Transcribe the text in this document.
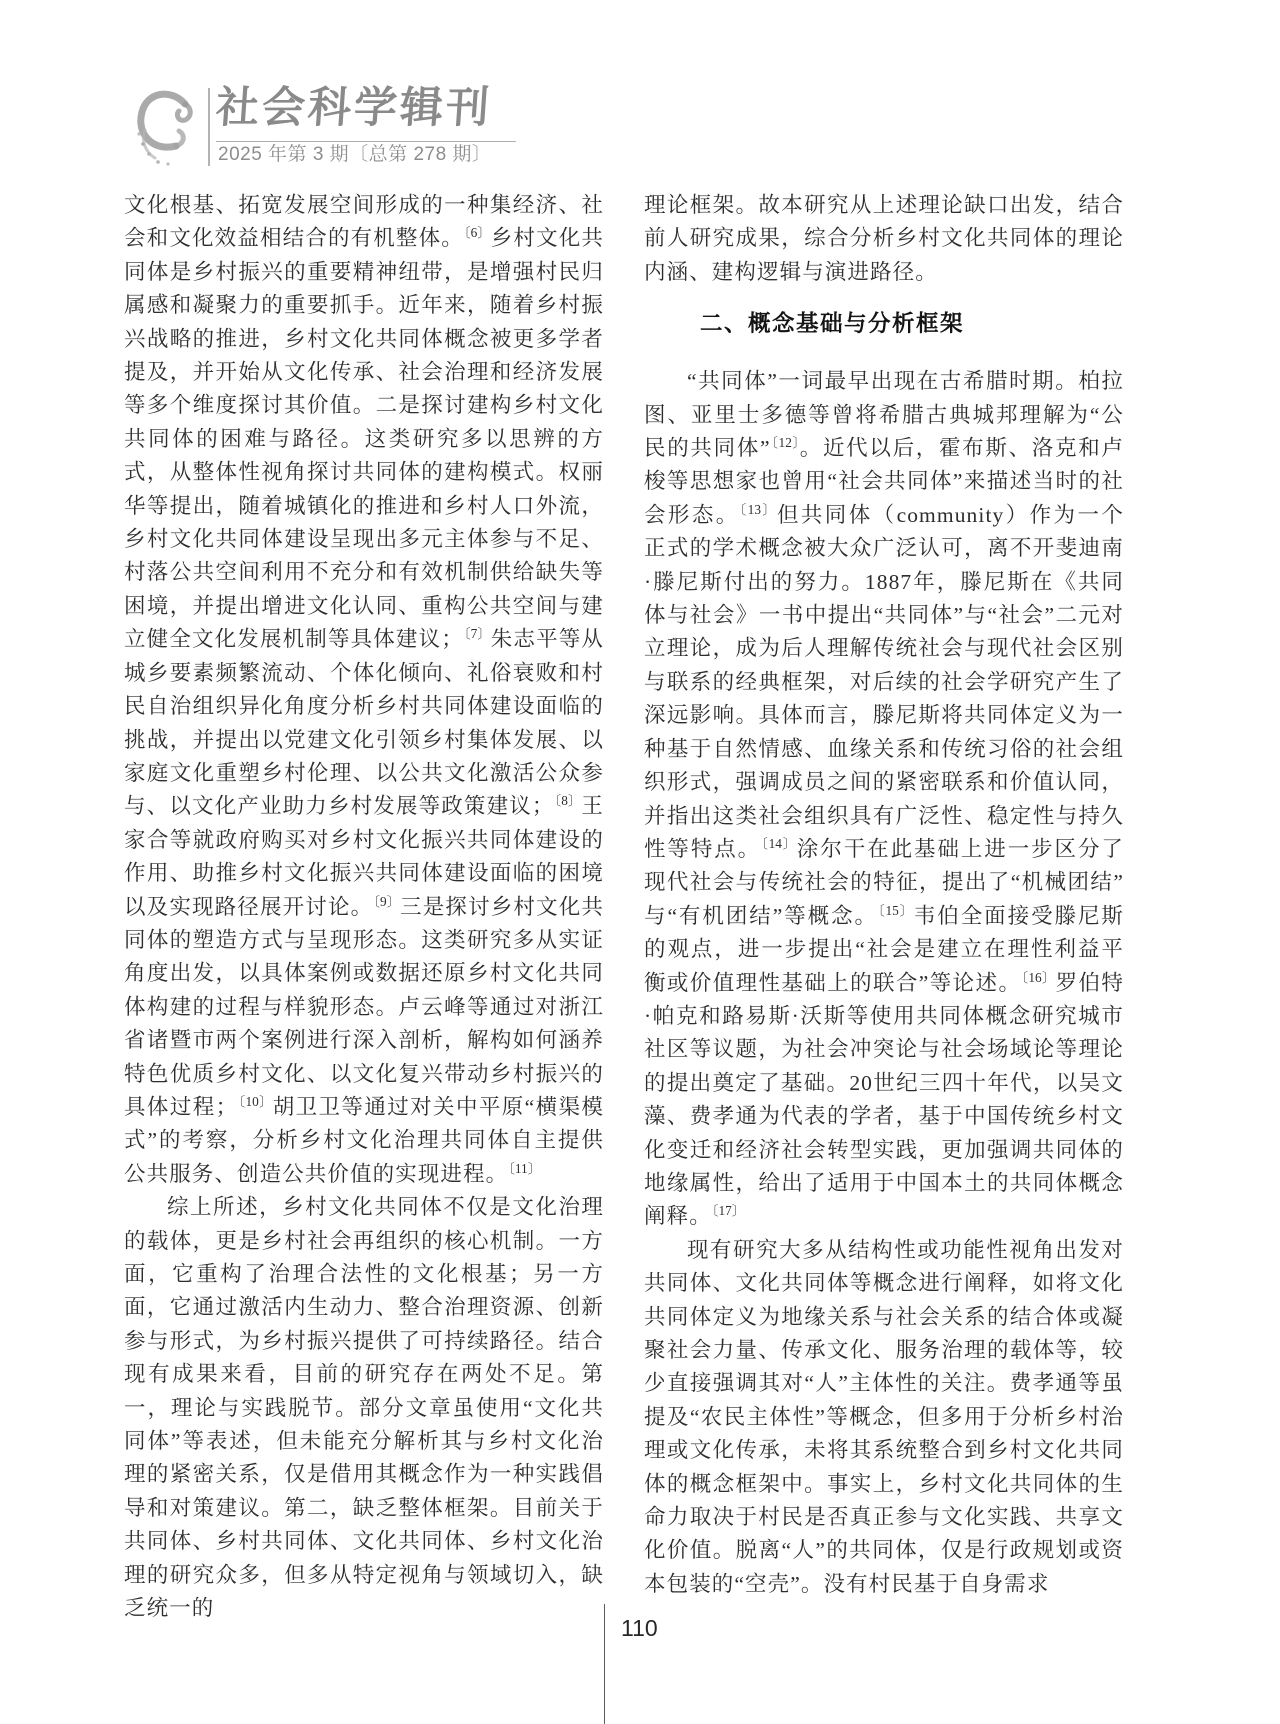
社会科学辑刊
2025 年第 3 期〔总第 278 期〕

文化根基、拓宽发展空间形成的一种集经济、社会和文化效益相结合的有机整体。$^{〔6〕}$乡村文化共同体是乡村振兴的重要精神纽带，是增强村民归属感和凝聚力的重要抓手。近年来，随着乡村振兴战略的推进，乡村文化共同体概念被更多学者提及，并开始从文化传承、社会治理和经济发展等多个维度探讨其价值。二是探讨建构乡村文化共同体的困难与路径。这类研究多以思辨的方式，从整体性视角探讨共同体的建构模式。权丽华等提出，随着城镇化的推进和乡村人口外流，乡村文化共同体建设呈现出多元主体参与不足、村落公共空间利用不充分和有效机制供给缺失等困境，并提出增进文化认同、重构公共空间与建立健全文化发展机制等具体建议；$^{〔7〕}$朱志平等从城乡要素频繁流动、个体化倾向、礼俗衰败和村民自治组织异化角度分析乡村共同体建设面临的挑战，并提出以党建文化引领乡村集体发展、以家庭文化重塑乡村伦理、以公共文化激活公众参与、以文化产业助力乡村发展等政策建议；$^{〔8〕}$王家合等就政府购买对乡村文化振兴共同体建设的作用、助推乡村文化振兴共同体建设面临的困境以及实现路径展开讨论。$^{〔9〕}$三是探讨乡村文化共同体的塑造方式与呈现形态。这类研究多从实证角度出发，以具体案例或数据还原乡村文化共同体构建的过程与样貌形态。卢云峰等通过对浙江省诸暨市两个案例进行深入剖析，解构如何涵养特色优质乡村文化、以文化复兴带动乡村振兴的具体过程；$^{〔10〕}$胡卫卫等通过对关中平原“横渠模式”的考察，分析乡村文化治理共同体自主提供公共服务、创造公共价值的实现进程。$^{〔11〕}$

综上所述，乡村文化共同体不仅是文化治理的载体，更是乡村社会再组织的核心机制。一方面，它重构了治理合法性的文化根基；另一方面，它通过激活内生动力、整合治理资源、创新参与形式，为乡村振兴提供了可持续路径。结合现有成果来看，目前的研究存在两处不足。第一，理论与实践脱节。部分文章虽使用“文化共同体”等表述，但未能充分解析其与乡村文化治理的紧密关系，仅是借用其概念作为一种实践倡导和对策建议。第二，缺乏整体框架。目前关于共同体、乡村共同体、文化共同体、乡村文化治理的研究众多，但多从特定视角与领域切入，缺乏统一的

理论框架。故本研究从上述理论缺口出发，结合前人研究成果，综合分析乡村文化共同体的理论内涵、建构逻辑与演进路径。

二、概念基础与分析框架

“共同体”一词最早出现在古希腊时期。柏拉图、亚里士多德等曾将希腊古典城邦理解为“公民的共同体”$^{〔12〕}$。近代以后，霍布斯、洛克和卢梭等思想家也曾用“社会共同体”来描述当时的社会形态。$^{〔13〕}$但共同体（community）作为一个正式的学术概念被大众广泛认可，离不开斐迪南·滕尼斯付出的努力。1887年，滕尼斯在《共同体与社会》一书中提出“共同体”与“社会”二元对立理论，成为后人理解传统社会与现代社会区别与联系的经典框架，对后续的社会学研究产生了深远影响。具体而言，滕尼斯将共同体定义为一种基于自然情感、血缘关系和传统习俗的社会组织形式，强调成员之间的紧密联系和价值认同，并指出这类社会组织具有广泛性、稳定性与持久性等特点。$^{〔14〕}$涂尔干在此基础上进一步区分了现代社会与传统社会的特征，提出了“机械团结”与“有机团结”等概念。$^{〔15〕}$韦伯全面接受滕尼斯的观点，进一步提出“社会是建立在理性利益平衡或价值理性基础上的联合”等论述。$^{〔16〕}$罗伯特·帕克和路易斯·沃斯等使用共同体概念研究城市社区等议题，为社会冲突论与社会场域论等理论的提出奠定了基础。20世纪三四十年代，以吴文藻、费孝通为代表的学者，基于中国传统乡村文化变迁和经济社会转型实践，更加强调共同体的地缘属性，给出了适用于中国本土的共同体概念阐释。$^{〔17〕}$

现有研究大多从结构性或功能性视角出发对共同体、文化共同体等概念进行阐释，如将文化共同体定义为地缘关系与社会关系的结合体或凝聚社会力量、传承文化、服务治理的载体等，较少直接强调其对“人”主体性的关注。费孝通等虽提及“农民主体性”等概念，但多用于分析乡村治理或文化传承，未将其系统整合到乡村文化共同体的概念框架中。事实上，乡村文化共同体的生命力取决于村民是否真正参与文化实践、共享文化价值。脱离“人”的共同体，仅是行政规划或资本包装的“空壳”。没有村民基于自身需求

110
